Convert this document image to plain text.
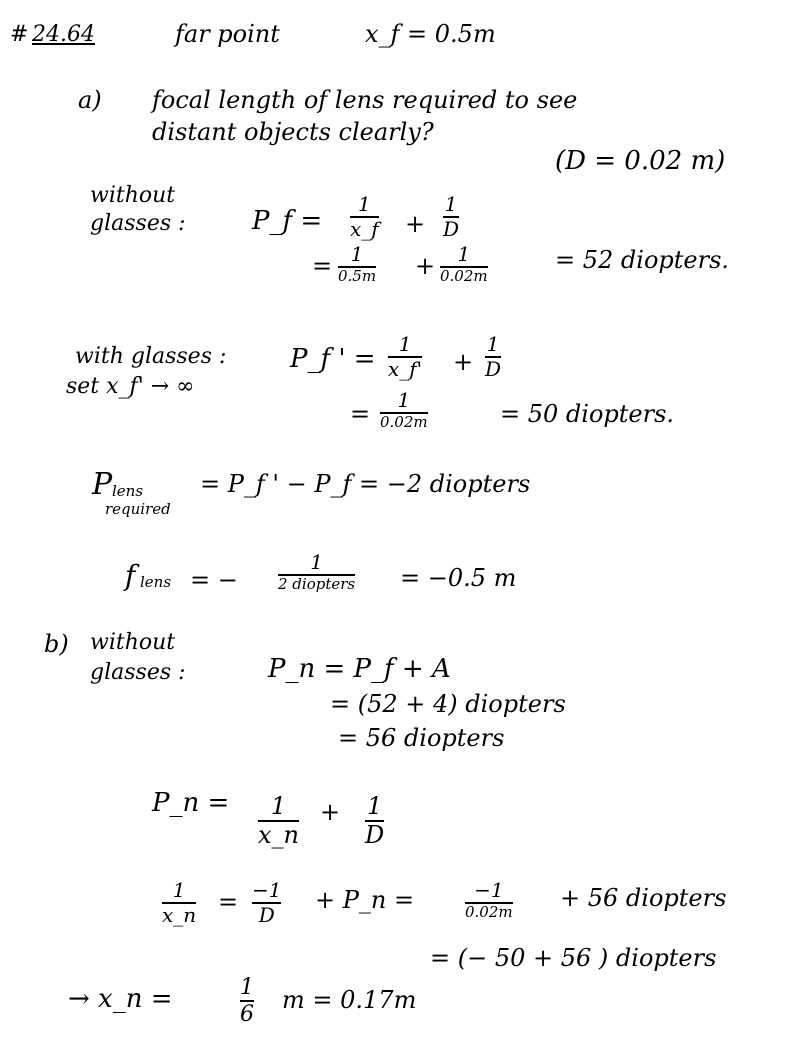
# 24.64	far point	x_f = 0.5m
a) focal length of lens required to see
distant objects clearly?
(D = 0.02 m)
without
glasses :	P_f =
1
x_f +
1
D
= 1
0.5m + 1
0.02m
= 52 diopters.
with glasses :
set x_f' → ∞
P_f ' = 1
x_f' +
1
D
= 1
0.02m	= 50 diopters.
P lens
required
= P_f ' − P_f = −2 diopters
f lens = −
1
2 diopters = −0.5 m
b) without
glasses :	P_n = P_f + A
= (52 + 4) diopters
= 56 diopters
P_n = 1
x_n
+ 1
D
1
x_n = −1
D
+ P_n =	−1
0.02m + 56 diopters
= (− 50 + 56 ) diopters
→ x_n =	1
6
m = 0.17m
